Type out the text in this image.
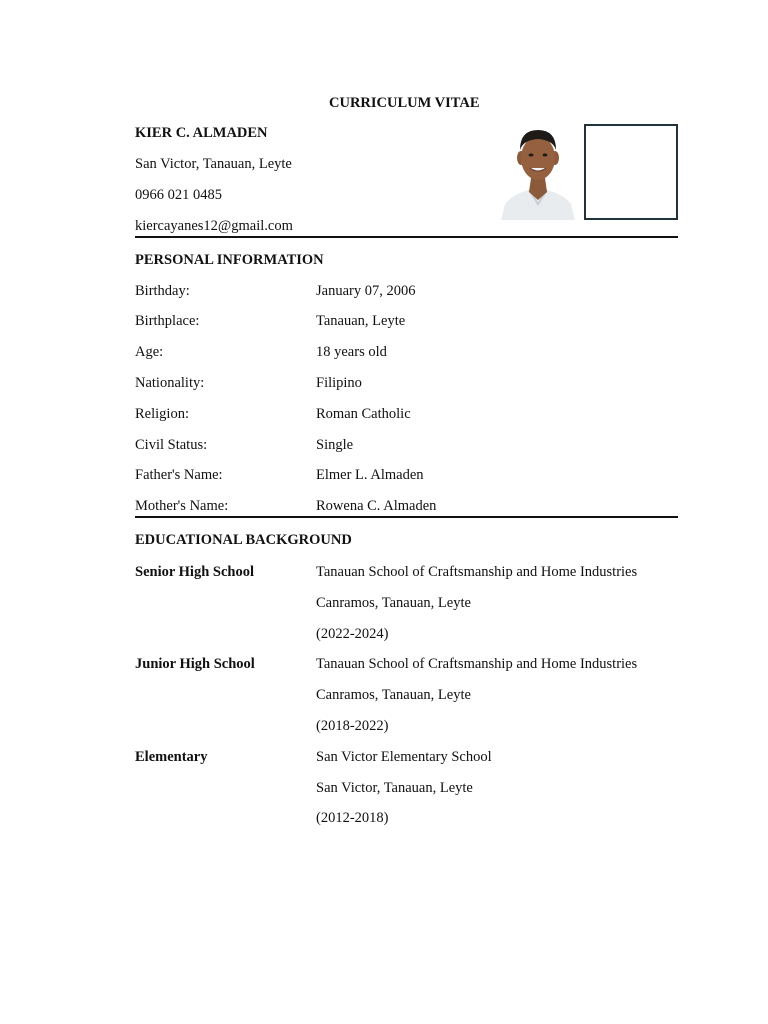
CURRICULUM VITAE
KIER C. ALMADEN
San Victor, Tanauan, Leyte
0966 021 0485
kiercayanes12@gmail.com
PERSONAL INFORMATION
Birthday:	January 07, 2006
Birthplace:	Tanauan, Leyte
Age:	18 years old
Nationality:	Filipino
Religion:	Roman Catholic
Civil Status:	Single
Father's Name:	Elmer L. Almaden
Mother's Name:	Rowena C. Almaden
EDUCATIONAL BACKGROUND
Senior High School	Tanauan School of Craftsmanship and Home Industries
Canramos, Tanauan, Leyte
(2022-2024)
Junior High School	Tanauan School of Craftsmanship and Home Industries
Canramos, Tanauan, Leyte
(2018-2022)
Elementary	San Victor Elementary School
San Victor, Tanauan, Leyte
(2012-2018)
